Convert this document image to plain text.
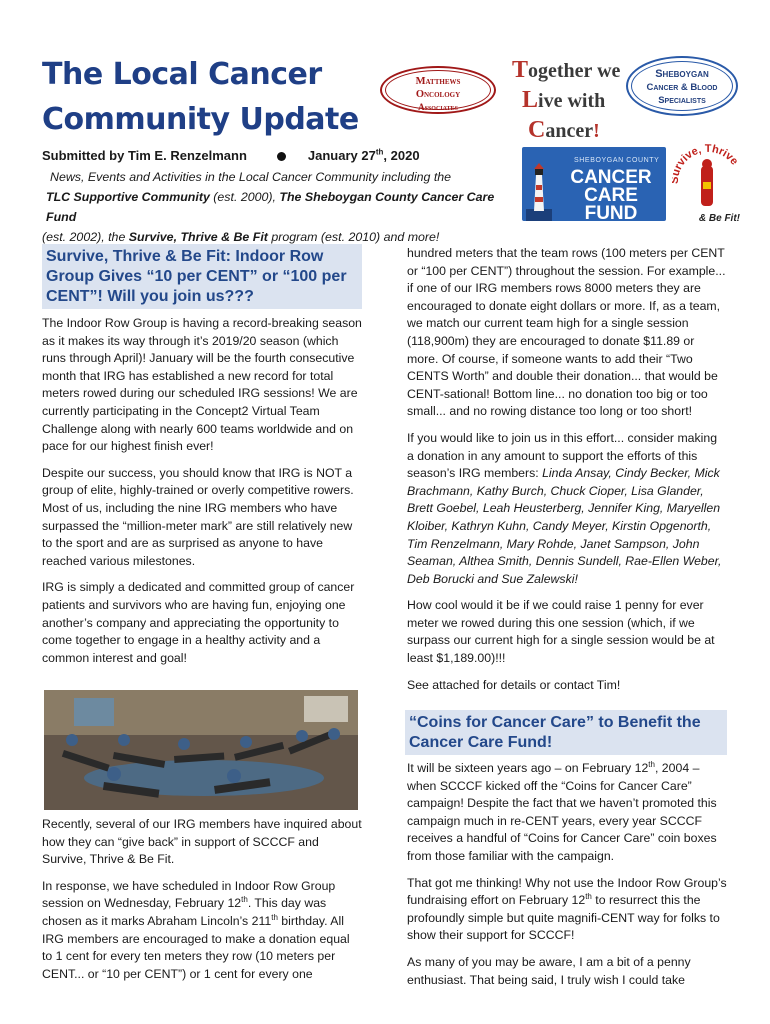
The Local Cancer
Community Update
Matthews
Oncology
Associates
Together we
Live with
Cancer!
Sheboygan
Cancer & Blood
Specialists
Submitted by Tim E. Renzelmann	January 27th, 2020

News, Events and Activities in the Local Cancer Community including the

TLC Supportive Community (est. 2000), The Sheboygan County Cancer Care Fund

(est. 2002), the Survive, Thrive & Be Fit program (est. 2010) and more!

SHEBOYGAN COUNTY
CANCER CARE
FUND
rvive, Thrive
& Be Fit!
Survive, Thrive & Be Fit: Indoor Row Group Gives “10 per CENT” or “100 per CENT”! Will you join us???

The Indoor Row Group is having a record-breaking season as it makes its way through it’s 2019/20 season (which runs through April)! January will be the fourth consecutive month that IRG has established a new record for total meters rowed during our scheduled IRG sessions! We are currently participating in the Concept2 Virtual Team Challenge along with nearly 600 teams worldwide and on pace for our highest finish ever!

Despite our success, you should know that IRG is NOT a group of elite, highly-trained or overly competitive rowers. Most of us, including the nine IRG members who have surpassed the “million-meter mark” are still relatively new to the sport and are as surprised as anyone to have reached various milestones.

IRG is simply a dedicated and committed group of cancer patients and survivors who are having fun, enjoying one another’s company and appreciating the opportunity to come together to engage in a healthy activity and a common interest and goal!

Recently, several of our IRG members have inquired about how they can “give back” in support of SCCCF and Survive, Thrive & Be Fit.

In response, we have scheduled in Indoor Row Group session on Wednesday, February 12th. This day was chosen as it marks Abraham Lincoln’s 211th birthday. All IRG members are encouraged to make a donation equal to 1 cent for every ten meters they row (10 meters per CENT... or “10 per CENT”) or 1 cent for every one

hundred meters that the team rows (100 meters per CENT or “100 per CENT”) throughout the session. For example... if one of our IRG members rows 8000 meters they are encouraged to donate eight dollars or more. If, as a team, we match our current team high for a single session (118,900m) they are encouraged to donate $11.89 or more. Of course, if someone wants to add their “Two CENTS Worth” and double their donation... that would be CENT-sational! Bottom line... no donation too big or too small... and no rowing distance too long or too short!

If you would like to join us in this effort... consider making a donation in any amount to support the efforts of this season’s IRG members: Linda Ansay, Cindy Becker, Mick Brachmann, Kathy Burch, Chuck Cioper, Lisa Glander, Brett Goebel, Leah Heusterberg, Jennifer King, Maryellen Kloiber, Kathryn Kuhn, Candy Meyer, Kirstin Opgenorth, Tim Renzelmann, Mary Rohde, Janet Sampson, John Seaman, Althea Smith, Dennis Sundell, Rae-Ellen Weber, Deb Borucki and Sue Zalewski!

How cool would it be if we could raise 1 penny for ever meter we rowed during this one session (which, if we surpass our current high for a single session would be at least $1,189.00)!!!

See attached for details or contact Tim!

“Coins for Cancer Care” to Benefit the Cancer Care Fund!

It will be sixteen years ago – on February 12th, 2004 – when SCCCF kicked off the “Coins for Cancer Care” campaign! Despite the fact that we haven’t promoted this campaign much in re-CENT years, every year SCCCF receives a handful of “Coins for Cancer Care” coin boxes from those familiar with the campaign.

That got me thinking! Why not use the Indoor Row Group’s fundraising effort on February 12th to resurrect this the profoundly simple but quite magnifi-CENT way for folks to show their support for SCCCF!

As many of you may be aware, I am a bit of a penny enthusiast. That being said, I truly wish I could take
